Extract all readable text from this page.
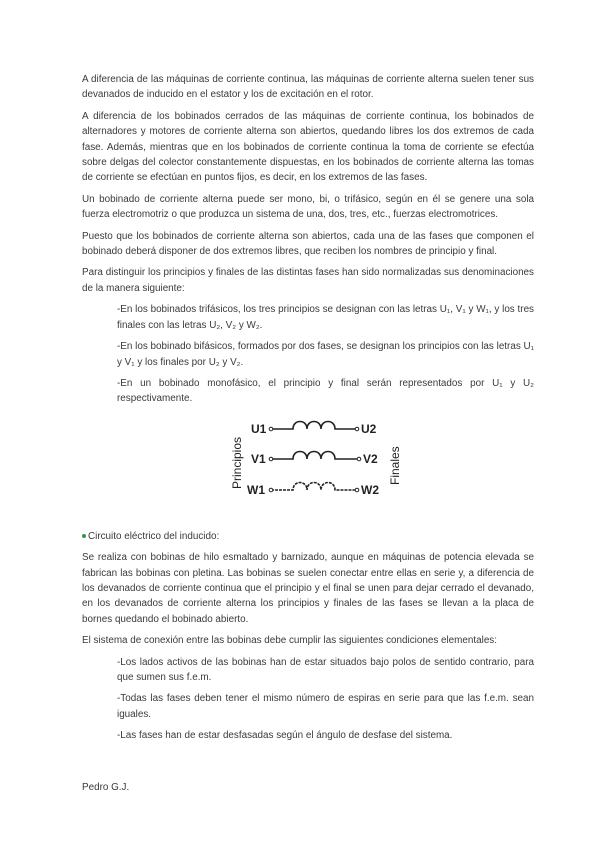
A diferencia de las máquinas de corriente continua, las máquinas de corriente alterna suelen tener sus devanados de inducido en el estator y los de excitación en el rotor.

A diferencia de los bobinados cerrados de las máquinas de corriente continua, los bobinados de alternadores y motores de corriente alterna son abiertos, quedando libres los dos extremos de cada fase. Además, mientras que en los bobinados de corriente continua la toma de corriente se efectúa sobre delgas del colector constantemente dispuestas, en los bobinados de corriente alterna las tomas de corriente se efectúan en puntos fijos, es decir, en los extremos de las fases.

Un bobinado de corriente alterna puede ser mono, bi, o trifásico, según en él se genere una sola fuerza electromotriz o que produzca un sistema de una, dos, tres, etc., fuerzas electromotrices.

Puesto que los bobinados de corriente alterna son abiertos, cada una de las fases que componen el bobinado deberá disponer de dos extremos libres, que reciben los nombres de principio y final.

Para distinguir los principios y finales de las distintas fases han sido normalizadas sus denominaciones de la manera siguiente:

-En los bobinados trifásicos, los tres principios se designan con las letras U₁, V₁ y W₁, y los tres finales con las letras U₂, V₂ y W₂.

-En los bobinado bifásicos, formados por dos fases, se designan los principios con las letras U₁ y V₁ y los finales por U₂ y V₂.

-En un bobinado monofásico, el principio y final serán representados por U₁ y U₂ respectivamente.

Principios	Finales
U1	U2
V1	V2
W1	W2

Circuito eléctrico del inducido:

Se realiza con bobinas de hilo esmaltado y barnizado, aunque en máquinas de potencia elevada se fabrican las bobinas con pletina. Las bobinas se suelen conectar entre ellas en serie y, a diferencia de los devanados de corriente continua que el principio y el final se unen para dejar cerrado el devanado, en los devanados de corriente alterna los principios y finales de las fases se llevan a la placa de bornes quedando el bobinado abierto.

El sistema de conexión entre las bobinas debe cumplir las siguientes condiciones elementales:

-Los lados activos de las bobinas han de estar situados bajo polos de sentido contrario, para que sumen sus f.e.m.

-Todas las fases deben tener el mismo número de espiras en serie para que las f.e.m. sean iguales.

-Las fases han de estar desfasadas según el ángulo de desfase del sistema.

Pedro G.J.
